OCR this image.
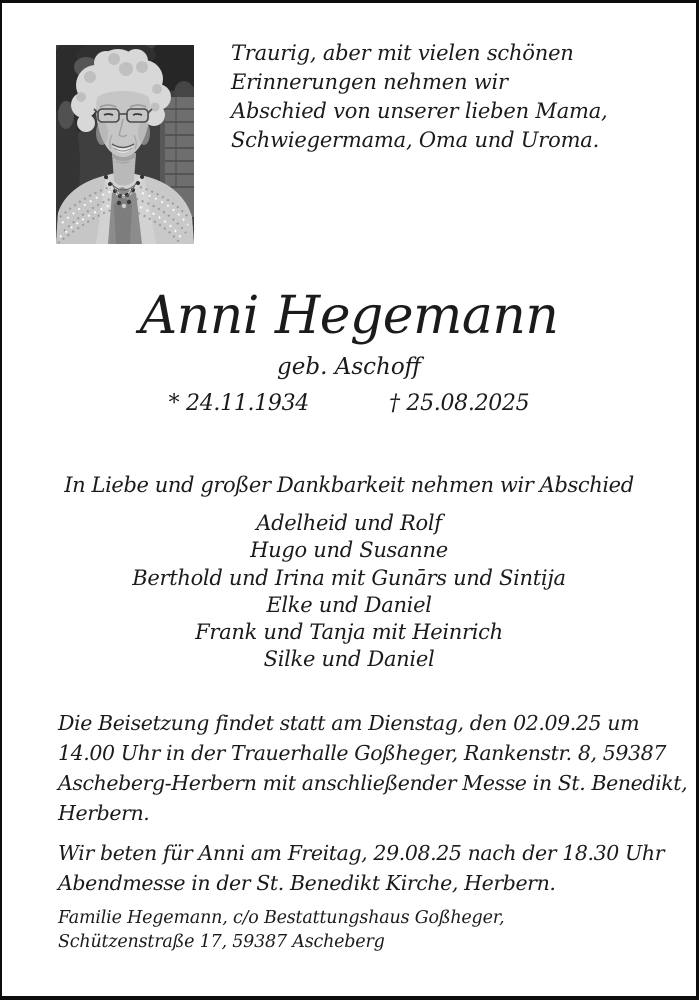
Traurig, aber mit vielen schönen
Erinnerungen nehmen wir
Abschied von unserer lieben Mama,
Schwiegermama, Oma und Uroma.
Anni Hegemann
geb. Aschoff
* 24.11.1934	† 25.08.2025
In Liebe und großer Dankbarkeit nehmen wir Abschied
Adelheid und Rolf
Hugo und Susanne
Berthold und Irina mit Gunārs und Sintija
Elke und Daniel
Frank und Tanja mit Heinrich
Silke und Daniel
Die Beisetzung findet statt am Dienstag, den 02.09.25 um
14.00 Uhr in der Trauerhalle Goßheger, Rankenstr. 8, 59387
Ascheberg-Herbern mit anschließender Messe in St. Benedikt,
Herbern.
Wir beten für Anni am Freitag, 29.08.25 nach der 18.30 Uhr
Abendmesse in der St. Benedikt Kirche, Herbern.
Familie Hegemann, c/o Bestattungshaus Goßheger,
Schützenstraße 17, 59387 Ascheberg
